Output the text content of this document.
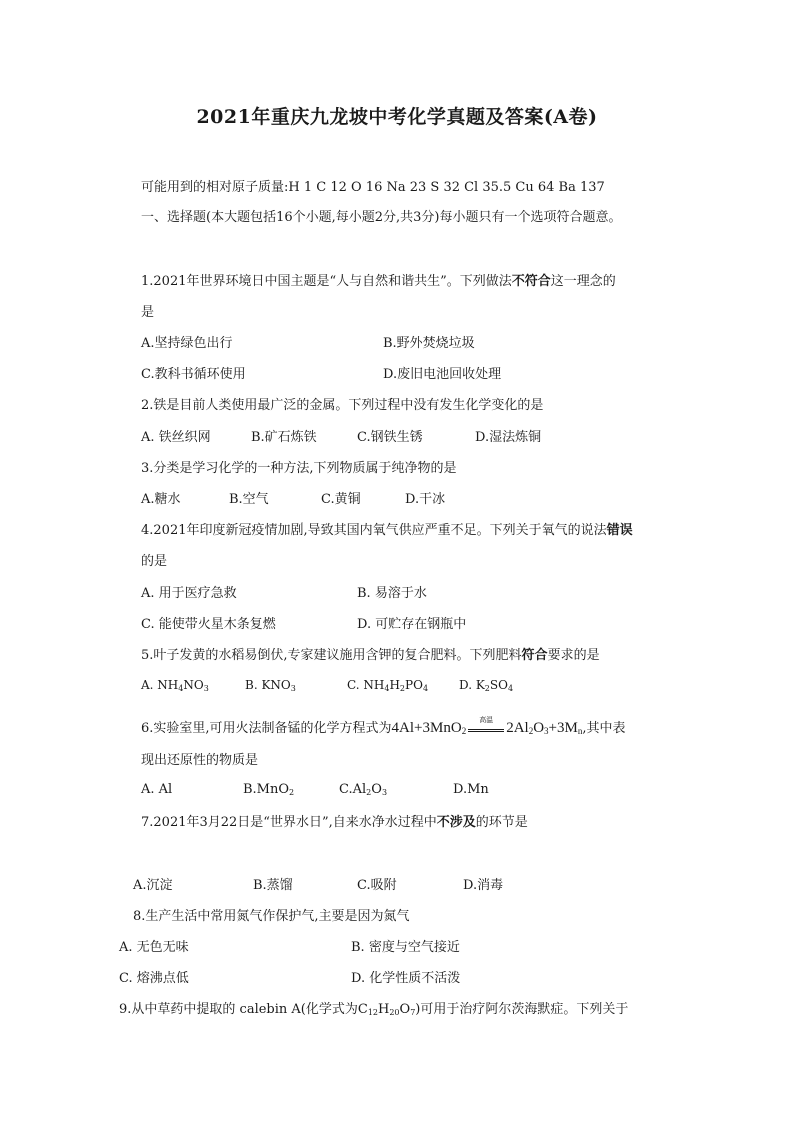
2021年重庆九龙坡中考化学真题及答案(A卷)
可能用到的相对原子质量:H 1 C 12 O 16 Na 23 S 32 Cl 35.5 Cu 64 Ba 137
一、选择题(本大题包括16个小题,每小题2分,共3分)每小题只有一个选项符合题意。
1.2021年世界环境日中国主题是“人与自然和谐共生”。下列做法不符合这一理念的
是
A.坚持绿色出行	B.野外焚烧垃圾
C.教科书循环使用	D.废旧电池回收处理
2.铁是目前人类使用最广泛的金属。下列过程中没有发生化学变化的是
A. 铁丝织网	B.矿石炼铁	C.钢铁生锈	D.湿法炼铜
3.分类是学习化学的一种方法,下列物质属于纯净物的是
A.糖水	B.空气	C.黄铜	D.干冰
4.2021年印度新冠疫情加剧,导致其国内氧气供应严重不足。下列关于氧气的说法错误
的是
A. 用于医疗急救	B. 易溶于水
C. 能使带火星木条复燃	D. 可贮存在钢瓶中
5.叶子发黄的水稻易倒伏,专家建议施用含钾的复合肥料。下列肥料符合要求的是
A. $NH_4NO_3$	B. $KNO_3$	C. $NH_4H_2PO_4$	D. $K_2SO_4$
6.实验室里,可用火法制备锰的化学方程式为4Al+3MnO$_2$
高温
$2Al_2O_3+3M_n$,其中表
现出还原性的物质是
A. Al	B.MnO$_2$	$C.Al_2O_3$	D.Mn
7.2021年3月22日是“世界水日”,自来水净水过程中不涉及的环节是
A.沉淀	B.蒸馏	C.吸附	D.消毒
8.生产生活中常用氮气作保护气,主要是因为氮气
A. 无色无味	B. 密度与空气接近
C. 熔沸点低	D. 化学性质不活泼
9.从中草药中提取的 calebin A(化学式为$C_{12}H_{20}O_7$)可用于治疗阿尔茨海默症。下列关于
